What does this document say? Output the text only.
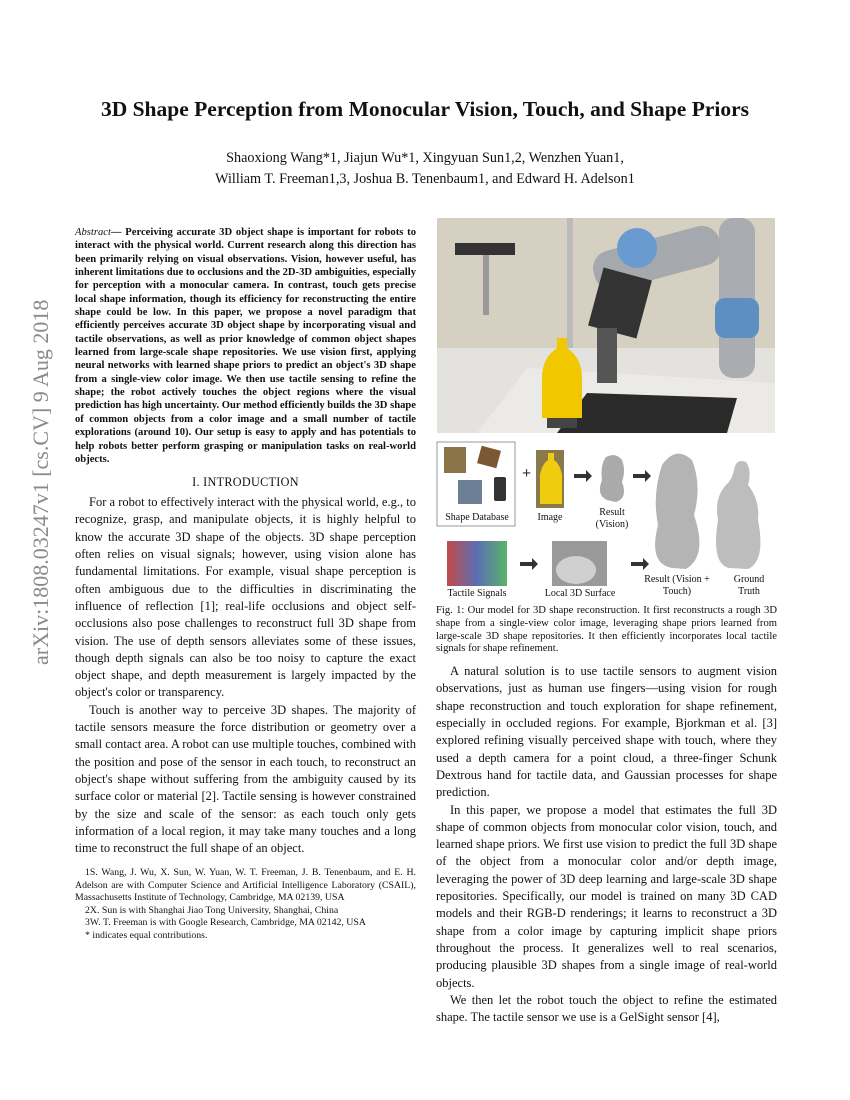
3D Shape Perception from Monocular Vision, Touch, and Shape Priors
Shaoxiong Wang*1, Jiajun Wu*1, Xingyuan Sun1,2, Wenzhen Yuan1,
William T. Freeman1,3, Joshua B. Tenenbaum1, and Edward H. Adelson1
arXiv:1808.03247v1 [cs.CV] 9 Aug 2018
Abstract— Perceiving accurate 3D object shape is important for robots to interact with the physical world. Current research along this direction has been primarily relying on visual observations. Vision, however useful, has inherent limitations due to occlusions and the 2D-3D ambiguities, especially for perception with a monocular camera. In contrast, touch gets precise local shape information, though its efficiency for reconstructing the entire shape could be low. In this paper, we propose a novel paradigm that efficiently perceives accurate 3D object shape by incorporating visual and tactile observations, as well as prior knowledge of common object shapes learned from large-scale shape repositories. We use vision first, applying neural networks with learned shape priors to predict an object's 3D shape from a single-view color image. We then use tactile sensing to refine the shape; the robot actively touches the object regions where the visual prediction has high uncertainty. Our method efficiently builds the 3D shape of common objects from a color image and a small number of tactile explorations (around 10). Our setup is easy to apply and has potentials to help robots better perform grasping or manipulation tasks on real-world objects.
I. INTRODUCTION

For a robot to effectively interact with the physical world, e.g., to recognize, grasp, and manipulate objects, it is highly helpful to know the accurate 3D shape of the objects. 3D shape perception often relies on visual signals; however, using vision alone has fundamental limitations. For example, visual shape perception is often ambiguous due to the difficulties in discriminating the influence of reflection [1]; real-life occlusions and object self-occlusions also pose challenges to reconstruct full 3D shape from vision. The use of depth sensors alleviates some of these issues, though depth signals can also be too noisy to capture the exact object shape, and depth measurement is largely impacted by the object's color or transparency.

Touch is another way to perceive 3D shapes. The majority of tactile sensors measure the force distribution or geometry over a small contact area. A robot can use multiple touches, combined with the position and pose of the sensor in each touch, to reconstruct an object's shape without suffering from the ambiguity caused by its surface color or material [2]. Tactile sensing is however constrained by the size and scale of the sensor: as each touch only gets information of a local region, it may take many touches and a long time to reconstruct the full shape of an object.

1S. Wang, J. Wu, X. Sun, W. Yuan, W. T. Freeman, J. B. Tenenbaum, and E. H. Adelson are with Computer Science and Artificial Intelligence Laboratory (CSAIL), Massachusetts Institute of Technology, Cambridge, MA 02139, USA

2X. Sun is with Shanghai Jiao Tong University, Shanghai, China

3W. T. Freeman is with Google Research, Cambridge, MA 02142, USA

* indicates equal contributions.

+
Shape Database	Image	Result (Vision)
Tactile Signals	Local 3D Surface
Result (Vision + Touch)
Ground Truth
Fig. 1: Our model for 3D shape reconstruction. It first reconstructs a rough 3D shape from a single-view color image, leveraging shape priors learned from large-scale 3D shape repositories. It then efficiently incorporates local tactile signals for shape refinement.

A natural solution is to use tactile sensors to augment vision observations, just as human use fingers—using vision for rough shape reconstruction and touch exploration for shape refinement, especially in occluded regions. For example, Bjorkman et al. [3] explored refining visually perceived shape with touch, where they used a depth camera for a point cloud, a three-finger Schunk Dextrous hand for tactile data, and Gaussian processes for shape prediction.

In this paper, we propose a model that estimates the full 3D shape of common objects from monocular color vision, touch, and learned shape priors. We first use vision to predict the full 3D shape of the object from a monocular color and/or depth image, leveraging the power of 3D deep learning and large-scale 3D shape repositories. Specifically, our model is trained on many 3D CAD models and their RGB-D renderings; it learns to reconstruct a 3D shape from a color image by capturing implicit shape priors throughout the process. It generalizes well to real scenarios, producing plausible 3D shapes from a single image of real-world objects.

We then let the robot touch the object to refine the estimated shape. The tactile sensor we use is a GelSight sensor [4],
